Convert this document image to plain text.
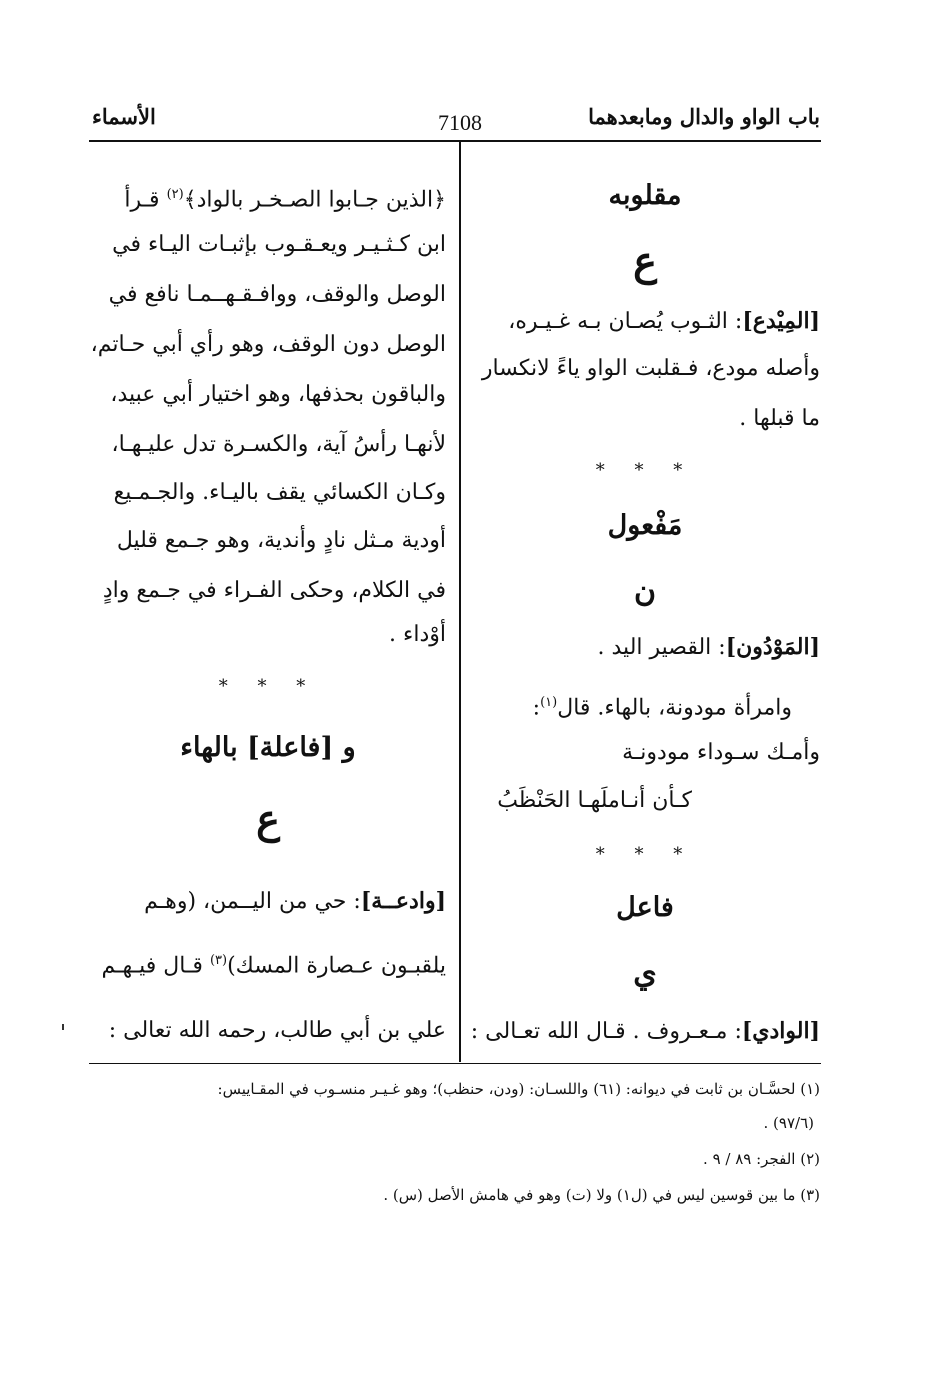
باب الواو والدال ومابعدهما
7108
الأسماء
مقلوبه
ع
[المِيْدع]: الثـوب يُصـان بـه غـيـره،
وأصله مودع، فـقلبت الواو ياءً لانكسار
ما قبلها .
* * *
مَفْعول
ن
[المَوْدُون]: القصير اليد .
وامرأة مودونة، بالهاء. قال$^{(١)}$:
وأمـك سـوداء مودونـة
كـأن أنـاملَهـا الحَنْظَبُ
* * *
فاعل
ي
[الوادي]: مـعـروف . قـال الله تعـالى :
﴿الذين جـابوا الصـخـر بالواد﴾$^{(٢)}$ قـرأ
ابن كـثـيـر ويعـقـوب بإثبـات اليـاء في
الوصل والوقف، ووافـقـهــمـا نافع في
الوصل دون الوقف، وهو رأي أبي حـاتم،
والباقون بحذفها، وهو اختيار أبي عبيد،
لأنهـا رأسُ آية، والكسـرة تدل عليـهـا،
وكـان الكسائي يقف باليـاء. والجـمـيع
أودية مـثل نادٍ وأندية، وهو جـمع قليل
في الكلام، وحكى الفـراء في جـمع وادٍ
أوْداء .
* * *
و [فاعلة] بالهاء
ع
[وادعــة]: حي من اليــمن، (وهـم
يلقبـون عـصارة المسك)$^{(٣)}$ قـال فيـهـم
علي بن أبي طالب، رحمه الله تعالى :
(١) لحسَّـان بن ثابت في ديوانه: (٦١) واللسـان: (ودن، حنظب)؛ وهو غـيـر منسـوب في المقـاييس:
(٩٧/٦) .
(٢) الفجر: ٨٩ / ٩ .
(٣) ما بين قوسين ليس في (ل١) ولا (ت) وهو في هامش الأصل (س) .
